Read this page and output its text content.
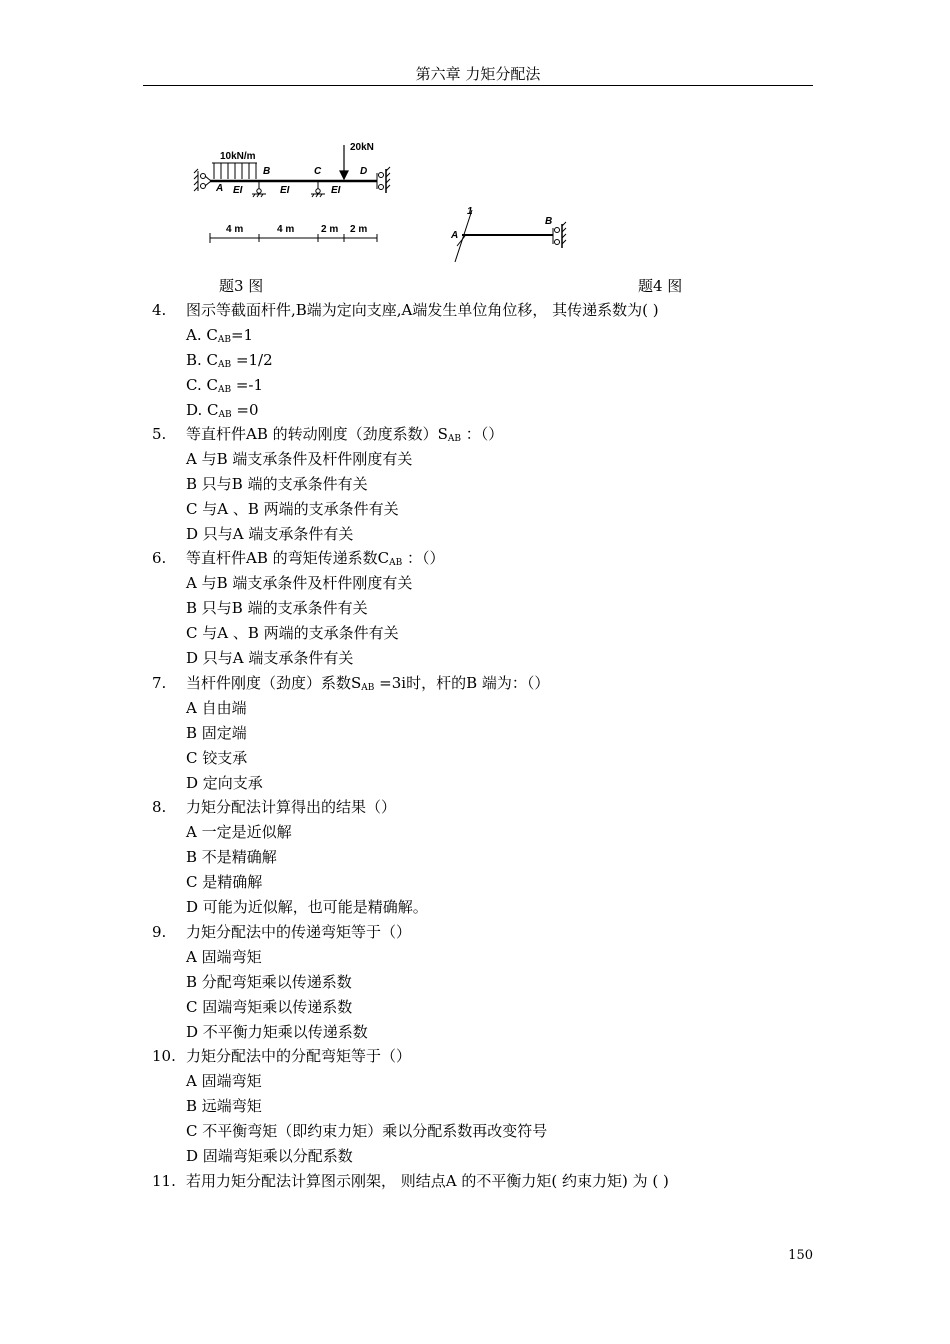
第六章 力矩分配法
10kN/m
1
20kN
A
B	C	D
EI	EI	EI
4 m	4 m	2 m 2 m
1
A
B
题3 图	题4 图
4. 图示等截面杆件,B端为定向支座,A端发生单位角位移， 其传递系数为( )
A. $C_{AB}=1$
B. $C_{AB} =1/2$
C. $C_{AB} =-1$
D. $C_{AB} =0$
5. 等直杆件AB 的转动刚度（劲度系数）$S_{AB}$ ：（）
A 与B 端支承条件及杆件刚度有关
B 只与B 端的支承条件有关
C 与A 、B 两端的支承条件有关
D 只与A 端支承条件有关
6. 等直杆件AB 的弯矩传递系数$C_{AB}$ ：（）
A 与B 端支承条件及杆件刚度有关
B 只与B 端的支承条件有关
C 与A 、B 两端的支承条件有关
D 只与A 端支承条件有关
7. 当杆件刚度（劲度）系数$S_{AB} =3i$时，杆的B 端为：（）
A 自由端
B 固定端
C 铰支承
D 定向支承
8. 力矩分配法计算得出的结果（）
A 一定是近似解
B 不是精确解
C 是精确解
D 可能为近似解，也可能是精确解。
9. 力矩分配法中的传递弯矩等于（）
A 固端弯矩
B 分配弯矩乘以传递系数
C 固端弯矩乘以传递系数
D 不平衡力矩乘以传递系数
10. 力矩分配法中的分配弯矩等于（）
A 固端弯矩
B 远端弯矩
C 不平衡弯矩（即约束力矩）乘以分配系数再改变符号
D 固端弯矩乘以分配系数
11. 若用力矩分配法计算图示刚架， 则结点A 的不平衡力矩( 约束力矩) 为 ( )
150
